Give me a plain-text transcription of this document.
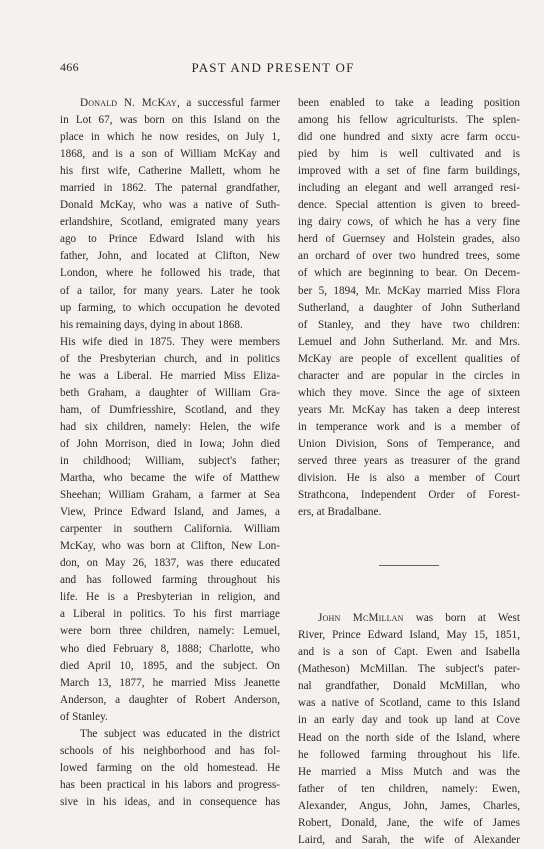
466	PAST AND PRESENT OF
Donald N. McKay, a successful farmer
in Lot 67, was born on this Island on the
place in which he now resides, on July 1,
1868, and is a son of William McKay and
his first wife, Catherine Mallett, whom he
married in 1862. The paternal grandfather,
Donald McKay, who was a native of Suth-
erlandshire, Scotland, emigrated many years
ago to Prince Edward Island with his
father, John, and located at Clifton, New
London, where he followed his trade, that
of a tailor, for many years. Later he took
up farming, to which occupation he devoted
his remaining days, dying in about 1868.
His wife died in 1875. They were members
of the Presbyterian church, and in politics
he was a Liberal. He married Miss Eliza-
beth Graham, a daughter of William Gra-
ham, of Dumfriesshire, Scotland, and they
had six children, namely: Helen, the wife
of John Morrison, died in Iowa; John died
in childhood; William, subject's father;
Martha, who became the wife of Matthew
Sheehan; William Graham, a farmer at Sea
View, Prince Edward Island, and James, a
carpenter in southern California. William
McKay, who was born at Clifton, New Lon-
don, on May 26, 1837, was there educated
and has followed farming throughout his
life. He is a Presbyterian in religion, and
a Liberal in politics. To his first marriage
were born three children, namely: Lemuel,
who died February 8, 1888; Charlotte, who
died April 10, 1895, and the subject. On
March 13, 1877, he married Miss Jeanette
Anderson, a daughter of Robert Anderson,
of Stanley.
The subject was educated in the district
schools of his neighborhood and has fol-
lowed farming on the old homestead. He
has been practical in his labors and progress-
sive in his ideas, and in consequence has
been enabled to take a leading position
among his fellow agriculturists. The splen-
did one hundred and sixty acre farm occu-
pied by him is well cultivated and is
improved with a set of fine farm buildings,
including an elegant and well arranged resi-
dence. Special attention is given to breed-
ing dairy cows, of which he has a very fine
herd of Guernsey and Holstein grades, also
an orchard of over two hundred trees, some
of which are beginning to bear. On Decem-
ber 5, 1894, Mr. McKay married Miss Flora
Sutherland, a daughter of John Sutherland
of Stanley, and they have two children:
Lemuel and John Sutherland. Mr. and Mrs.
McKay are people of excellent qualities of
character and are popular in the circles in
which they move. Since the age of sixteen
years Mr. McKay has taken a deep interest
in temperance work and is a member of
Union Division, Sons of Temperance, and
served three years as treasurer of the grand
division. He is also a member of Court
Strathcona, Independent Order of Forest-
ers, at Bradalbane.
John McMillan was born at West
River, Prince Edward Island, May 15, 1851,
and is a son of Capt. Ewen and Isabella
(Matheson) McMillan. The subject's pater-
nal grandfather, Donald McMillan, who
was a native of Scotland, came to this Island
in an early day and took up land at Cove
Head on the north side of the Island, where
he followed farming throughout his life.
He married a Miss Mutch and was the
father of ten children, namely: Ewen,
Alexander, Angus, John, James, Charles,
Robert, Donald, Jane, the wife of James
Laird, and Sarah, the wife of Alexander
